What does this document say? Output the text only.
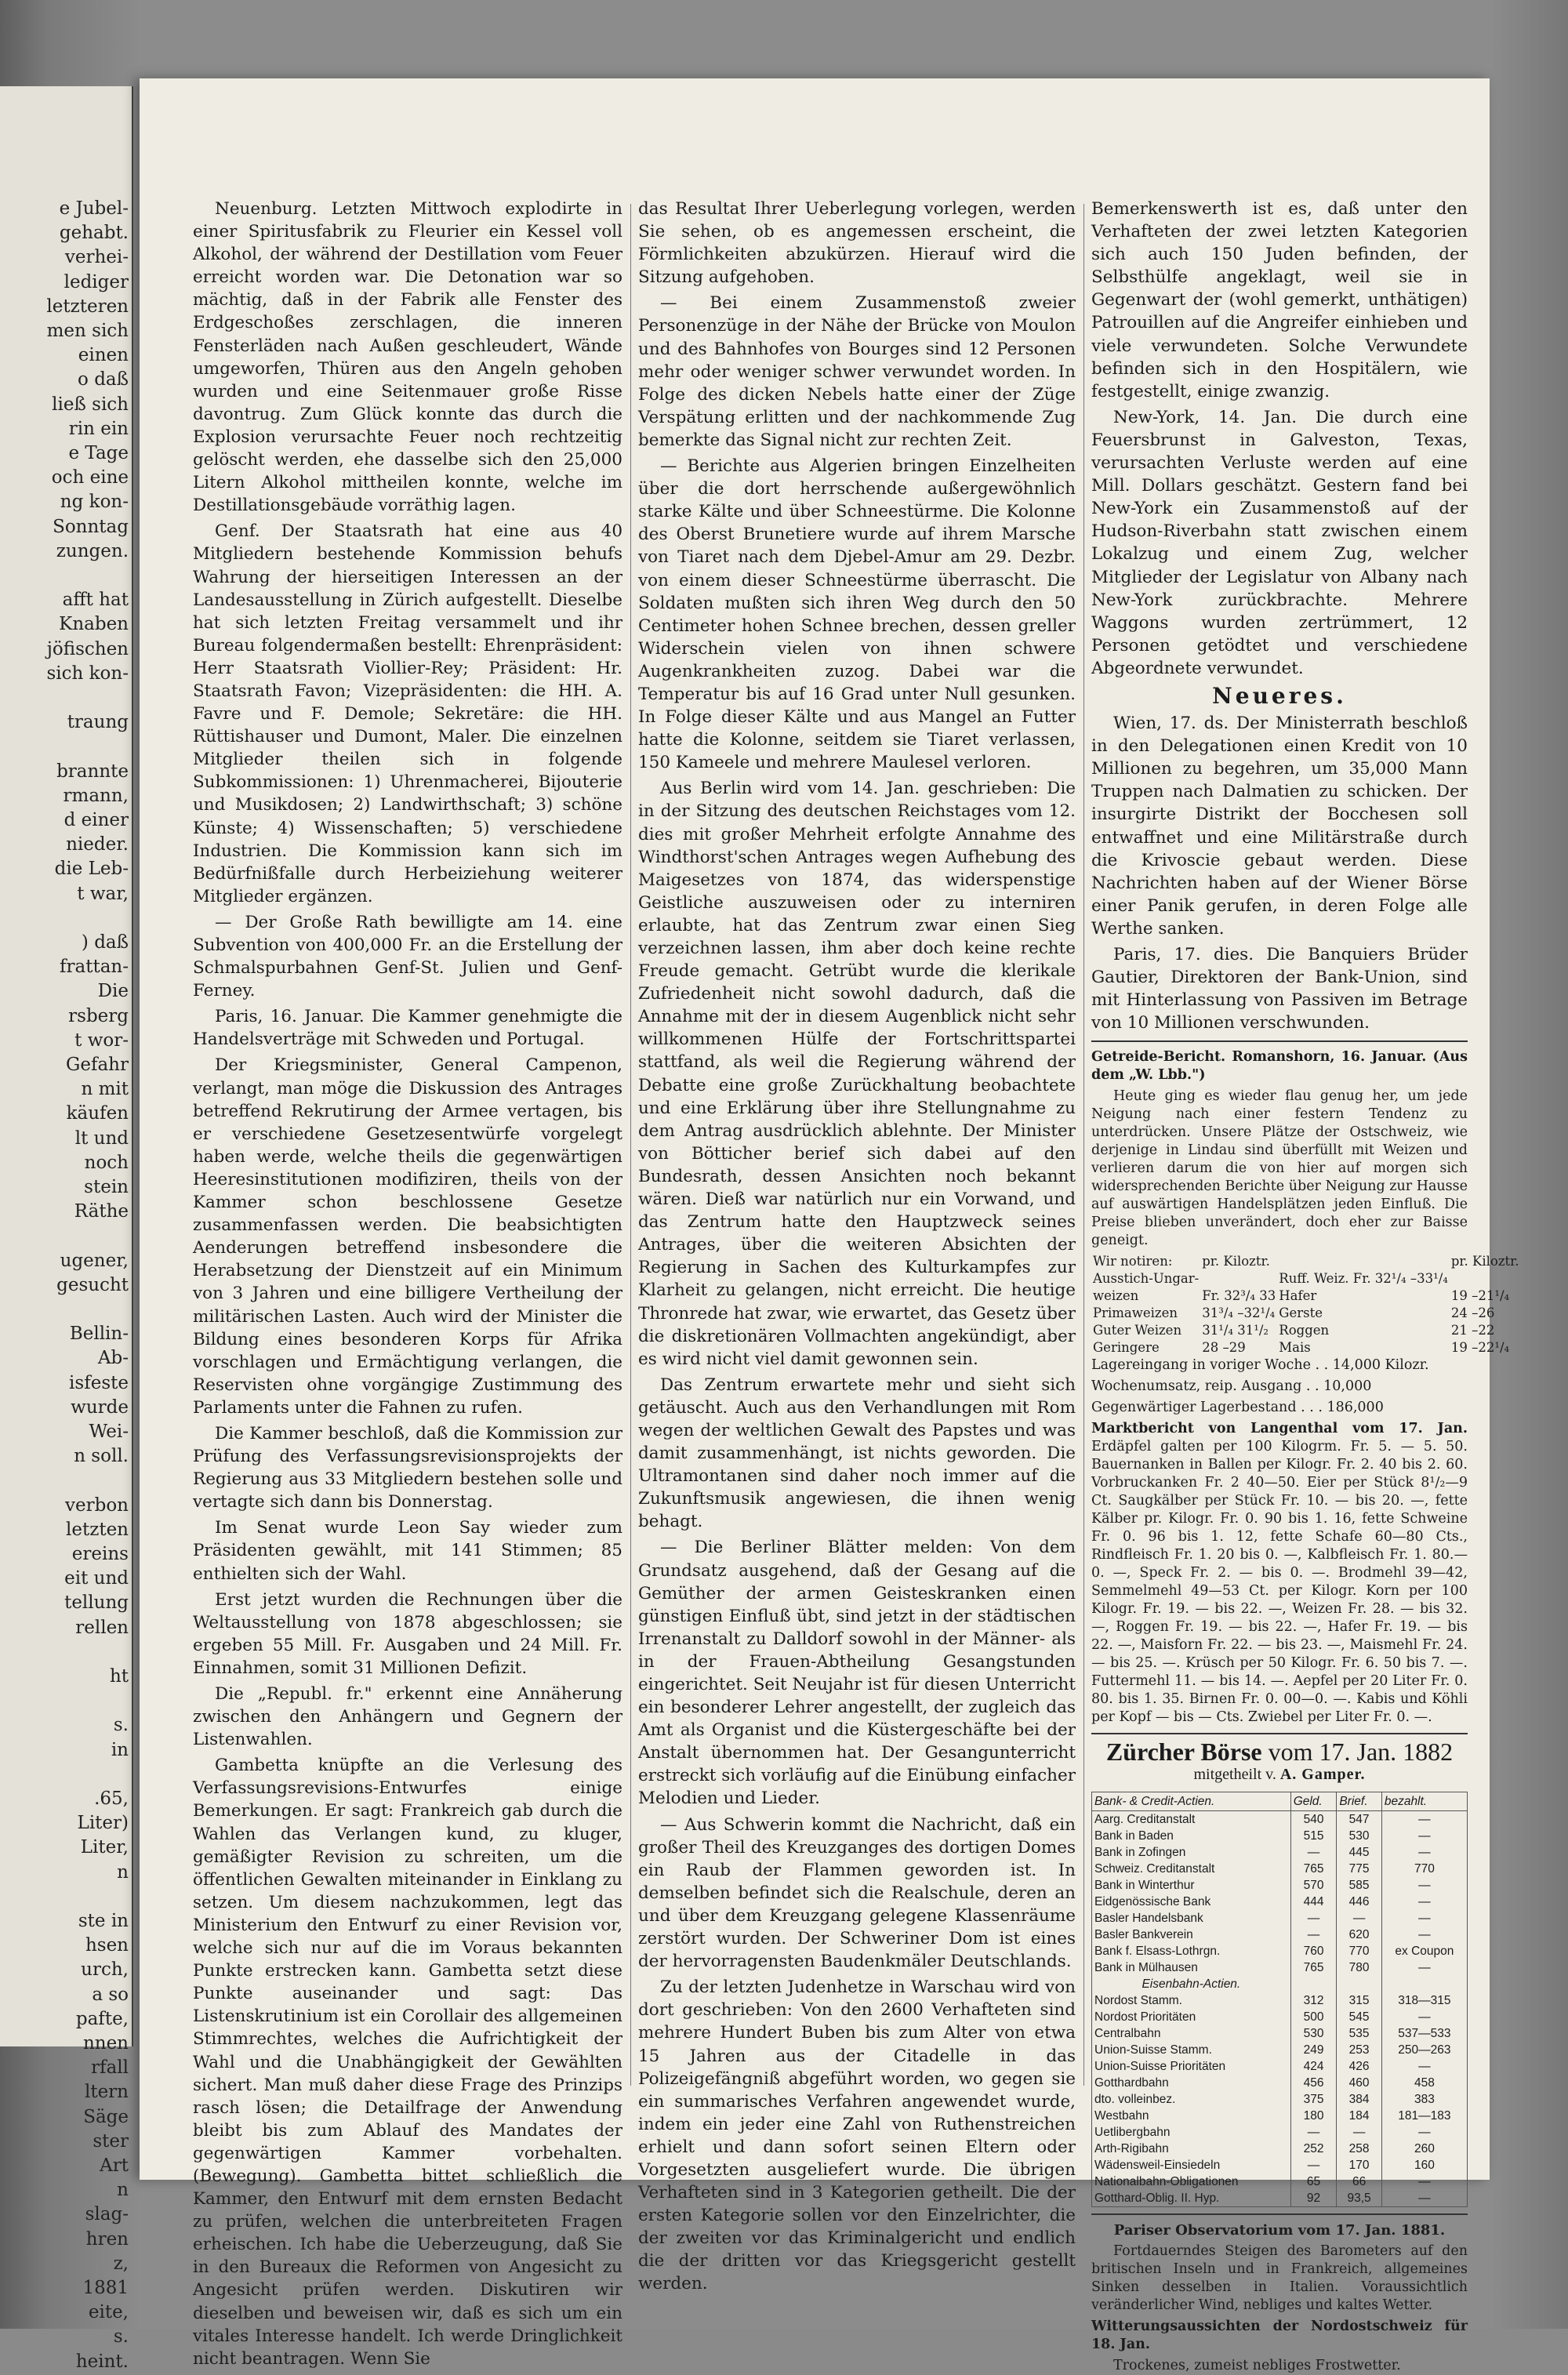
e Jubel-
gehabt.
verhei-
lediger
letzteren
men sich
einen
o daß
ließ sich
rin ein
e Tage
och eine
ng kon-
Sonntag
zungen.
afft hat
Knaben
jöfischen
sich kon-
traung
brannte
rmann,
d einer
nieder.
die Leb-
t war,
) daß
frattan-
Die
rsberg
t wor-
Gefahr
n mit
käufen
lt und
noch
stein
Räthe
ugener,
gesucht
Bellin-
Ab-
isfeste
wurde
Wei-
n soll.
verbon
letzten
ereins
eit und
tellung
rellen
ht
s.
in
.65,
Liter)
Liter,
n
ste in
hsen
urch,
a so
pafte,
nnen
rfall
ltern
Säge
ster
Art
n
slag-
hren
z,
1881
eite,
s.
heint.

Neuenburg. Letzten Mittwoch explodirte in einer Spiritusfabrik zu Fleurier ein Kessel voll Alkohol, der während der Destillation vom Feuer erreicht worden war. Die Detonation war so mächtig, daß in der Fabrik alle Fenster des Erdgeschoßes zerschlagen, die inneren Fensterläden nach Außen geschleudert, Wände umgeworfen, Thüren aus den Angeln gehoben wurden und eine Seitenmauer große Risse davontrug. Zum Glück konnte das durch die Explosion verursachte Feuer noch rechtzeitig gelöscht werden, ehe dasselbe sich den 25,000 Litern Alkohol mittheilen konnte, welche im Destillationsgebäude vorräthig lagen.

Genf. Der Staatsrath hat eine aus 40 Mitgliedern bestehende Kommission behufs Wahrung der hierseitigen Interessen an der Landesausstellung in Zürich aufgestellt. Dieselbe hat sich letzten Freitag versammelt und ihr Bureau folgendermaßen bestellt: Ehrenpräsident: Herr Staatsrath Viollier-Rey; Präsident: Hr. Staatsrath Favon; Vizepräsidenten: die HH. A. Favre und F. Demole; Sekretäre: die HH. Rüttishauser und Dumont, Maler. Die einzelnen Mitglieder theilen sich in folgende Subkommissionen: 1) Uhrenmacherei, Bijouterie und Musikdosen; 2) Landwirthschaft; 3) schöne Künste; 4) Wissenschaften; 5) verschiedene Industrien. Die Kommission kann sich im Bedürfnißfalle durch Herbeiziehung weiterer Mitglieder ergänzen.

— Der Große Rath bewilligte am 14. eine Subvention von 400,000 Fr. an die Erstellung der Schmalspurbahnen Genf-St. Julien und Genf-Ferney.

Paris, 16. Januar. Die Kammer genehmigte die Handelsverträge mit Schweden und Portugal.

Der Kriegsminister, General Campenon, verlangt, man möge die Diskussion des Antrages betreffend Rekrutirung der Armee vertagen, bis er verschiedene Gesetzesentwürfe vorgelegt haben werde, welche theils die gegenwärtigen Heeresinstitutionen modifiziren, theils von der Kammer schon beschlossene Gesetze zusammenfassen werden. Die beabsichtigten Aenderungen betreffend insbesondere die Herabsetzung der Dienstzeit auf ein Minimum von 3 Jahren und eine billigere Vertheilung der militärischen Lasten. Auch wird der Minister die Bildung eines besonderen Korps für Afrika vorschlagen und Ermächtigung verlangen, die Reservisten ohne vorgängige Zustimmung des Parlaments unter die Fahnen zu rufen.

Die Kammer beschloß, daß die Kommission zur Prüfung des Verfassungsrevisionsprojekts der Regierung aus 33 Mitgliedern bestehen solle und vertagte sich dann bis Donnerstag.

Im Senat wurde Leon Say wieder zum Präsidenten gewählt, mit 141 Stimmen; 85 enthielten sich der Wahl.

Erst jetzt wurden die Rechnungen über die Weltausstellung von 1878 abgeschlossen; sie ergeben 55 Mill. Fr. Ausgaben und 24 Mill. Fr. Einnahmen, somit 31 Millionen Defizit.

Die „Republ. fr." erkennt eine Annäherung zwischen den Anhängern und Gegnern der Listenwahlen.

Gambetta knüpfte an die Verlesung des Verfassungsrevisions-Entwurfes einige Bemerkungen. Er sagt: Frankreich gab durch die Wahlen das Verlangen kund, zu kluger, gemäßigter Revision zu schreiten, um die öffentlichen Gewalten miteinander in Einklang zu setzen. Um diesem nachzukommen, legt das Ministerium den Entwurf zu einer Revision vor, welche sich nur auf die im Voraus bekannten Punkte erstrecken kann. Gambetta setzt diese Punkte auseinander und sagt: Das Listenskrutinium ist ein Corollair des allgemeinen Stimmrechtes, welches die Aufrichtigkeit der Wahl und die Unabhängigkeit der Gewählten sichert. Man muß daher diese Frage des Prinzips rasch lösen; die Detailfrage der Anwendung bleibt bis zum Ablauf des Mandates der gegenwärtigen Kammer vorbehalten. (Bewegung). Gambetta bittet schließlich die Kammer, den Entwurf mit dem ernsten Bedacht zu prüfen, welchen die unterbreiteten Fragen erheischen. Ich habe die Ueberzeugung, daß Sie in den Bureaux die Reformen von Angesicht zu Angesicht prüfen werden. Diskutiren wir dieselben und beweisen wir, daß es sich um ein vitales Interesse handelt. Ich werde Dringlichkeit nicht beantragen. Wenn Sie

das Resultat Ihrer Ueberlegung vorlegen, werden Sie sehen, ob es angemessen erscheint, die Förmlichkeiten abzukürzen. Hierauf wird die Sitzung aufgehoben.

— Bei einem Zusammenstoß zweier Personenzüge in der Nähe der Brücke von Moulon und des Bahnhofes von Bourges sind 12 Personen mehr oder weniger schwer verwundet worden. In Folge des dicken Nebels hatte einer der Züge Verspätung erlitten und der nachkommende Zug bemerkte das Signal nicht zur rechten Zeit.

— Berichte aus Algerien bringen Einzelheiten über die dort herrschende außergewöhnlich starke Kälte und über Schneestürme. Die Kolonne des Oberst Brunetiere wurde auf ihrem Marsche von Tiaret nach dem Djebel-Amur am 29. Dezbr. von einem dieser Schneestürme überrascht. Die Soldaten mußten sich ihren Weg durch den 50 Centimeter hohen Schnee brechen, dessen greller Widerschein vielen von ihnen schwere Augenkrankheiten zuzog. Dabei war die Temperatur bis auf 16 Grad unter Null gesunken. In Folge dieser Kälte und aus Mangel an Futter hatte die Kolonne, seitdem sie Tiaret verlassen, 150 Kameele und mehrere Maulesel verloren.

Aus Berlin wird vom 14. Jan. geschrieben: Die in der Sitzung des deutschen Reichstages vom 12. dies mit großer Mehrheit erfolgte Annahme des Windthorst'schen Antrages wegen Aufhebung des Maigesetzes von 1874, das widerspenstige Geistliche auszuweisen oder zu interniren erlaubte, hat das Zentrum zwar einen Sieg verzeichnen lassen, ihm aber doch keine rechte Freude gemacht. Getrübt wurde die klerikale Zufriedenheit nicht sowohl dadurch, daß die Annahme mit der in diesem Augenblick nicht sehr willkommenen Hülfe der Fortschrittspartei stattfand, als weil die Regierung während der Debatte eine große Zurückhaltung beobachtete und eine Erklärung über ihre Stellungnahme zu dem Antrag ausdrücklich ablehnte. Der Minister von Bötticher berief sich dabei auf den Bundesrath, dessen Ansichten noch bekannt wären. Dieß war natürlich nur ein Vorwand, und das Zentrum hatte den Hauptzweck seines Antrages, über die weiteren Absichten der Regierung in Sachen des Kulturkampfes zur Klarheit zu gelangen, nicht erreicht. Die heutige Thronrede hat zwar, wie erwartet, das Gesetz über die diskretionären Vollmachten angekündigt, aber es wird nicht viel damit gewonnen sein.

Das Zentrum erwartete mehr und sieht sich getäuscht. Auch aus den Verhandlungen mit Rom wegen der weltlichen Gewalt des Papstes und was damit zusammenhängt, ist nichts geworden. Die Ultramontanen sind daher noch immer auf die Zukunftsmusik angewiesen, die ihnen wenig behagt.

— Die Berliner Blätter melden: Von dem Grundsatz ausgehend, daß der Gesang auf die Gemüther der armen Geisteskranken einen günstigen Einfluß übt, sind jetzt in der städtischen Irrenanstalt zu Dalldorf sowohl in der Männer- als in der Frauen-Abtheilung Gesangstunden eingerichtet. Seit Neujahr ist für diesen Unterricht ein besonderer Lehrer angestellt, der zugleich das Amt als Organist und die Küstergeschäfte bei der Anstalt übernommen hat. Der Gesangunterricht erstreckt sich vorläufig auf die Einübung einfacher Melodien und Lieder.

— Aus Schwerin kommt die Nachricht, daß ein großer Theil des Kreuzganges des dortigen Domes ein Raub der Flammen geworden ist. In demselben befindet sich die Realschule, deren an und über dem Kreuzgang gelegene Klassenräume zerstört wurden. Der Schweriner Dom ist eines der hervorragensten Baudenkmäler Deutschlands.

Zu der letzten Judenhetze in Warschau wird von dort geschrieben: Von den 2600 Verhafteten sind mehrere Hundert Buben bis zum Alter von etwa 15 Jahren aus der Citadelle in das Polizeigefängniß abgeführt worden, wo gegen sie ein summarisches Verfahren angewendet wurde, indem ein jeder eine Zahl von Ruthenstreichen erhielt und dann sofort seinen Eltern oder Vorgesetzten ausgeliefert wurde. Die übrigen Verhafteten sind in 3 Kategorien getheilt. Die der ersten Kategorie sollen vor den Einzelrichter, die der zweiten vor das Kriminalgericht und endlich die der dritten vor das Kriegsgericht gestellt werden.

Bemerkenswerth ist es, daß unter den Verhafteten der zwei letzten Kategorien sich auch 150 Juden befinden, der Selbsthülfe angeklagt, weil sie in Gegenwart der (wohl gemerkt, unthätigen) Patrouillen auf die Angreifer einhieben und viele verwundeten. Solche Verwundete befinden sich in den Hospitälern, wie festgestellt, einige zwanzig.

New-York, 14. Jan. Die durch eine Feuersbrunst in Galveston, Texas, verursachten Verluste werden auf eine Mill. Dollars geschätzt. Gestern fand bei New-York ein Zusammenstoß auf der Hudson-Riverbahn statt zwischen einem Lokalzug und einem Zug, welcher Mitglieder der Legislatur von Albany nach New-York zurückbrachte. Mehrere Waggons wurden zertrümmert, 12 Personen getödtet und verschiedene Abgeordnete verwundet.

Neueres.

Wien, 17. ds. Der Ministerrath beschloß in den Delegationen einen Kredit von 10 Millionen zu begehren, um 35,000 Mann Truppen nach Dalmatien zu schicken. Der insurgirte Distrikt der Bocchesen soll entwaffnet und eine Militärstraße durch die Krivoscie gebaut werden. Diese Nachrichten haben auf der Wiener Börse einer Panik gerufen, in deren Folge alle Werthe sanken.

Paris, 17. dies. Die Banquiers Brüder Gautier, Direktoren der Bank-Union, sind mit Hinterlassung von Passiven im Betrage von 10 Millionen verschwunden.

Getreide-Bericht. Romanshorn, 16. Januar. (Aus dem „W. Lbb.")

Heute ging es wieder flau genug her, um jede Neigung nach einer festern Tendenz zu unterdrücken. Unsere Plätze der Ostschweiz, wie derjenige in Lindau sind überfüllt mit Weizen und verlieren darum die von hier auf morgen sich widersprechenden Berichte über Neigung zur Hausse auf auswärtigen Handelsplätzen jeden Einfluß. Die Preise blieben unverändert, doch eher zur Baisse geneigt.

Wir notiren:	pr. Kiloztr.		pr. Kiloztr.
Ausstich-Ungar-		Ruff. Weiz. Fr. 32¹/₄ –33¹/₄	
weizen	Fr. 32³/₄ 33	Hafer	19 –21¹/₄
Primaweizen	31³/₄ –32¹/₄	Gerste	24 –26
Guter Weizen	31¹/₄ 31¹/₂	Roggen	21 –22
Geringere	28 –29	Mais	19 –22¹/₄

Lagereingang in voriger Woche . . 14,000 Kilozr.

Wochenumsatz, reip. Ausgang . . 10,000

Gegenwärtiger Lagerbestand . . . 186,000

Marktbericht von Langenthal vom 17. Jan. Erdäpfel galten per 100 Kilogrm. Fr. 5. — 5. 50. Bauernanken in Ballen per Kilogr. Fr. 2. 40 bis 2. 60. Vorbruckanken Fr. 2 40—50. Eier per Stück 8¹/₂—9 Ct. Saugkälber per Stück Fr. 10. — bis 20. —, fette Kälber pr. Kilogr. Fr. 0. 90 bis 1. 16, fette Schweine Fr. 0. 96 bis 1. 12, fette Schafe 60—80 Cts., Rindfleisch Fr. 1. 20 bis 0. —, Kalbfleisch Fr. 1. 80.—0. —, Speck Fr. 2. — bis 0. —. Brodmehl 39—42, Semmelmehl 49—53 Ct. per Kilogr. Korn per 100 Kilogr. Fr. 19. — bis 22. —, Weizen Fr. 28. — bis 32. —, Roggen Fr. 19. — bis 22. —, Hafer Fr. 19. — bis 22. —, Maisforn Fr. 22. — bis 23. —, Maismehl Fr. 24. — bis 25. —. Krüsch per 50 Kilogr. Fr. 6. 50 bis 7. —. Futtermehl 11. — bis 14. —. Aepfel per 20 Liter Fr. 0. 80. bis 1. 35. Birnen Fr. 0. 00—0. —. Kabis und Köhli per Kopf — bis — Cts. Zwiebel per Liter Fr. 0. —.

Zürcher Börse vom 17. Jan. 1882
mitgetheilt v. A. Gamper.
Bank- & Credit-Actien.	Geld.	Brief.	bezahlt.
Aarg. Creditanstalt	540	547	—
Bank in Baden	515	530	—
Bank in Zofingen	—	445	—
Schweiz. Creditanstalt	765	775	770
Bank in Winterthur	570	585	—
Eidgenössische Bank	444	446	—
Basler Handelsbank	—	—	—
Basler Bankverein	—	620	—
Bank f. Elsass-Lothrgn.	760	770	ex Coupon
Bank in Mülhausen	765	780	—
Eisenbahn-Actien.			
Nordost Stamm.	312	315	318—315
Nordost Prioritäten	500	545	—
Centralbahn	530	535	537—533
Union-Suisse Stamm.	249	253	250—263
Union-Suisse Prioritäten	424	426	—
Gotthardbahn	456	460	458
dto. volleinbez.	375	384	383
Westbahn	180	184	181—183
Uetlibergbahn	—	—	—
Arth-Rigibahn	252	258	260
Wädensweil-Einsiedeln	—	170	160
Nationalbahn-Obligationen	65	66	—
Gotthard-Oblig. II. Hyp.	92	93,5	—

Pariser Observatorium vom 17. Jan. 1881.

Fortdauerndes Steigen des Barometers auf den britischen Inseln und in Frankreich, allgemeines Sinken desselben in Italien. Voraussichtlich veränderlicher Wind, nebliges und kaltes Wetter.

Witterungsaussichten der Nordostschweiz für 18. Jan.

Trockenes, zumeist nebliges Frostwetter.
